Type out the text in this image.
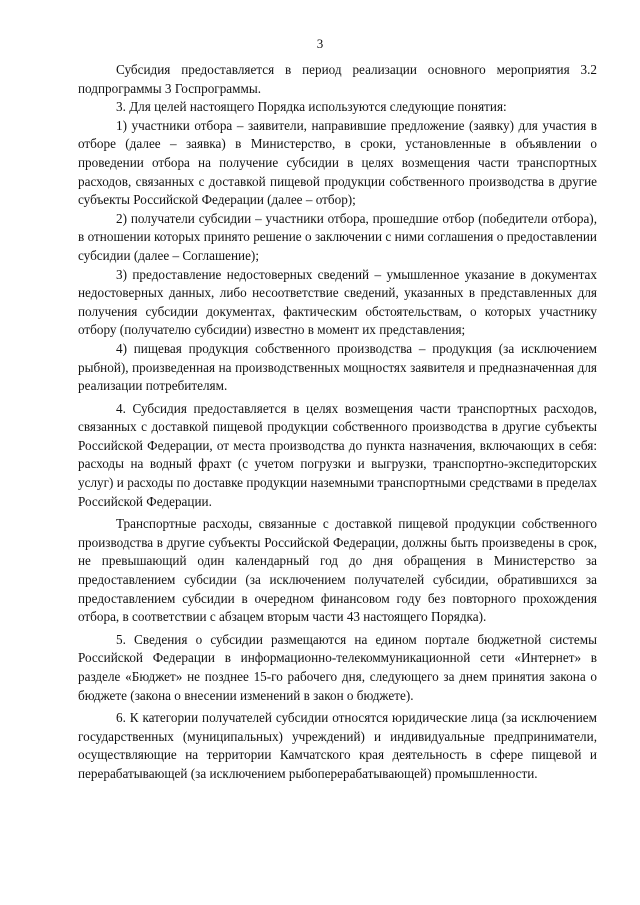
3

Субсидия предоставляется в период реализации основного мероприятия 3.2 подпрограммы 3 Госпрограммы.

3. Для целей настоящего Порядка используются следующие понятия:

1) участники отбора – заявители, направившие предложение (заявку) для участия в отборе (далее – заявка) в Министерство, в сроки, установленные в объявлении о проведении отбора на получение субсидии в целях возмещения части транспортных расходов, связанных с доставкой пищевой продукции собственного производства в другие субъекты Российской Федерации (далее – отбор);

2) получатели субсидии – участники отбора, прошедшие отбор (победители отбора), в отношении которых принято решение о заключении с ними соглашения о предоставлении субсидии (далее – Соглашение);

3) предоставление недостоверных сведений – умышленное указание в документах недостоверных данных, либо несоответствие сведений, указанных в представленных для получения субсидии документах, фактическим обстоятельствам, о которых участнику отбору (получателю субсидии) известно в момент их представления;

4) пищевая продукция собственного производства – продукция (за исключением рыбной), произведенная на производственных мощностях заявителя и предназначенная для реализации потребителям.

4. Субсидия предоставляется в целях возмещения части транспортных расходов, связанных с доставкой пищевой продукции собственного производства в другие субъекты Российской Федерации, от места производства до пункта назначения, включающих в себя: расходы на водный фрахт (с учетом погрузки и выгрузки, транспортно-экспедиторских услуг) и расходы по доставке продукции наземными транспортными средствами в пределах Российской Федерации.

Транспортные расходы, связанные с доставкой пищевой продукции собственного производства в другие субъекты Российской Федерации, должны быть произведены в срок, не превышающий один календарный год до дня обращения в Министерство за предоставлением субсидии (за исключением получателей субсидии, обратившихся за предоставлением субсидии в очередном финансовом году без повторного прохождения отбора, в соответствии с абзацем вторым части 43 настоящего Порядка).

5. Сведения о субсидии размещаются на едином портале бюджетной системы Российской Федерации в информационно-телекоммуникационной сети «Интернет» в разделе «Бюджет» не позднее 15-го рабочего дня, следующего за днем принятия закона о бюджете (закона о внесении изменений в закон о бюджете).

6. К категории получателей субсидии относятся юридические лица (за исключением государственных (муниципальных) учреждений) и индивидуальные предприниматели, осуществляющие на территории Камчатского края деятельность в сфере пищевой и перерабатывающей (за исключением рыбоперерабатывающей) промышленности.
